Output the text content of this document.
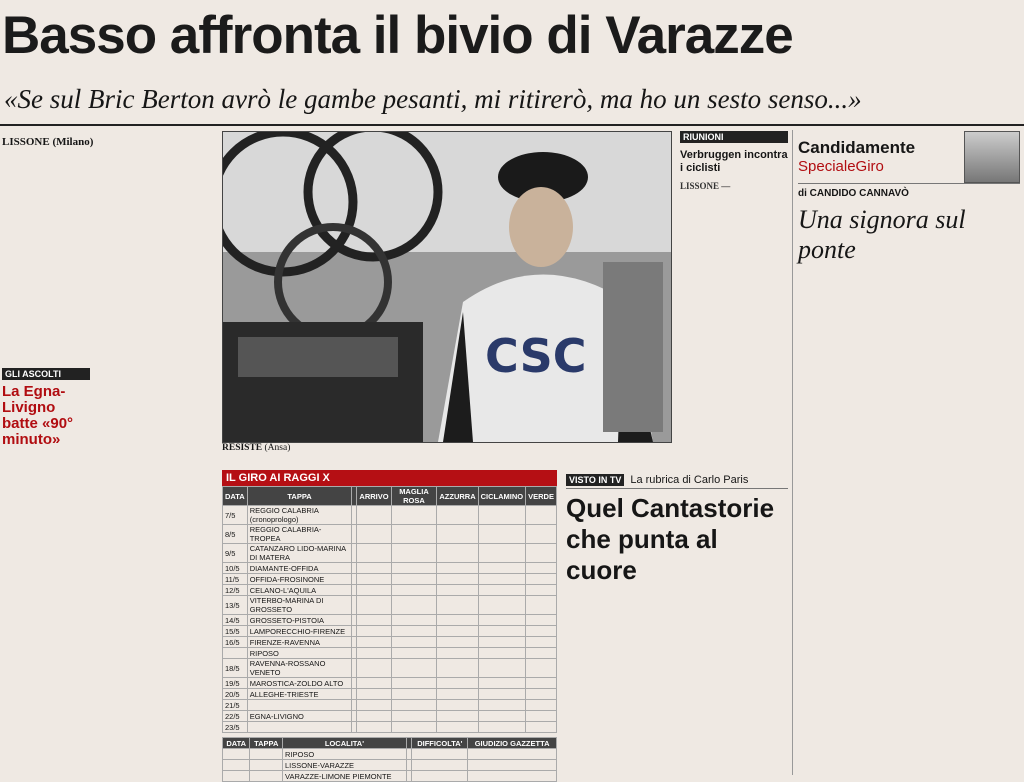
Basso affronta il bivio di Varazze
«Se sul Bric Berton avrò le gambe pesanti, mi ritirerò, ma ho un sesto senso...»
LISSONE (Milano)
GLI ASCOLTI
La Egna-Livigno batte «90° minuto»
CSC
RESISTE (Ansa)
RIUNIONI
Verbruggen incontra i ciclisti
LISSONE —
IL GIRO AI RAGGI X
DATA	TAPPA		ARRIVO	MAGLIA ROSA	AZZURRA	CICLAMINO	VERDE
7/5	REGGIO CALABRIA (cronoprologo)						
8/5	REGGIO CALABRIA-TROPEA						
9/5	CATANZARO LIDO-MARINA DI MATERA						
10/5	DIAMANTE-OFFIDA						
11/5	OFFIDA-FROSINONE						
12/5	CELANO-L'AQUILA						
13/5	VITERBO-MARINA DI GROSSETO						
14/5	GROSSETO-PISTOIA						
15/5	LAMPORECCHIO-FIRENZE						
16/5	FIRENZE-RAVENNA						
	RIPOSO						
18/5	RAVENNA-ROSSANO VENETO						
19/5	MAROSTICA-ZOLDO ALTO						
20/5	ALLEGHE-TRIESTE						
21/5							
22/5	EGNA-LIVIGNO						
23/5							
DATA	TAPPA	LOCALITA'		DIFFICOLTA'	GIUDIZIO GAZZETTA
		RIPOSO			
		LISSONE-VARAZZE			
		VARAZZE-LIMONE PIEMONTE			
VISTO IN TV La rubrica di Carlo Paris
Quel Cantastorie che punta al cuore
Candidamente
SpecialeGiro
di CANDIDO CANNAVÒ
Una signora sul ponte
